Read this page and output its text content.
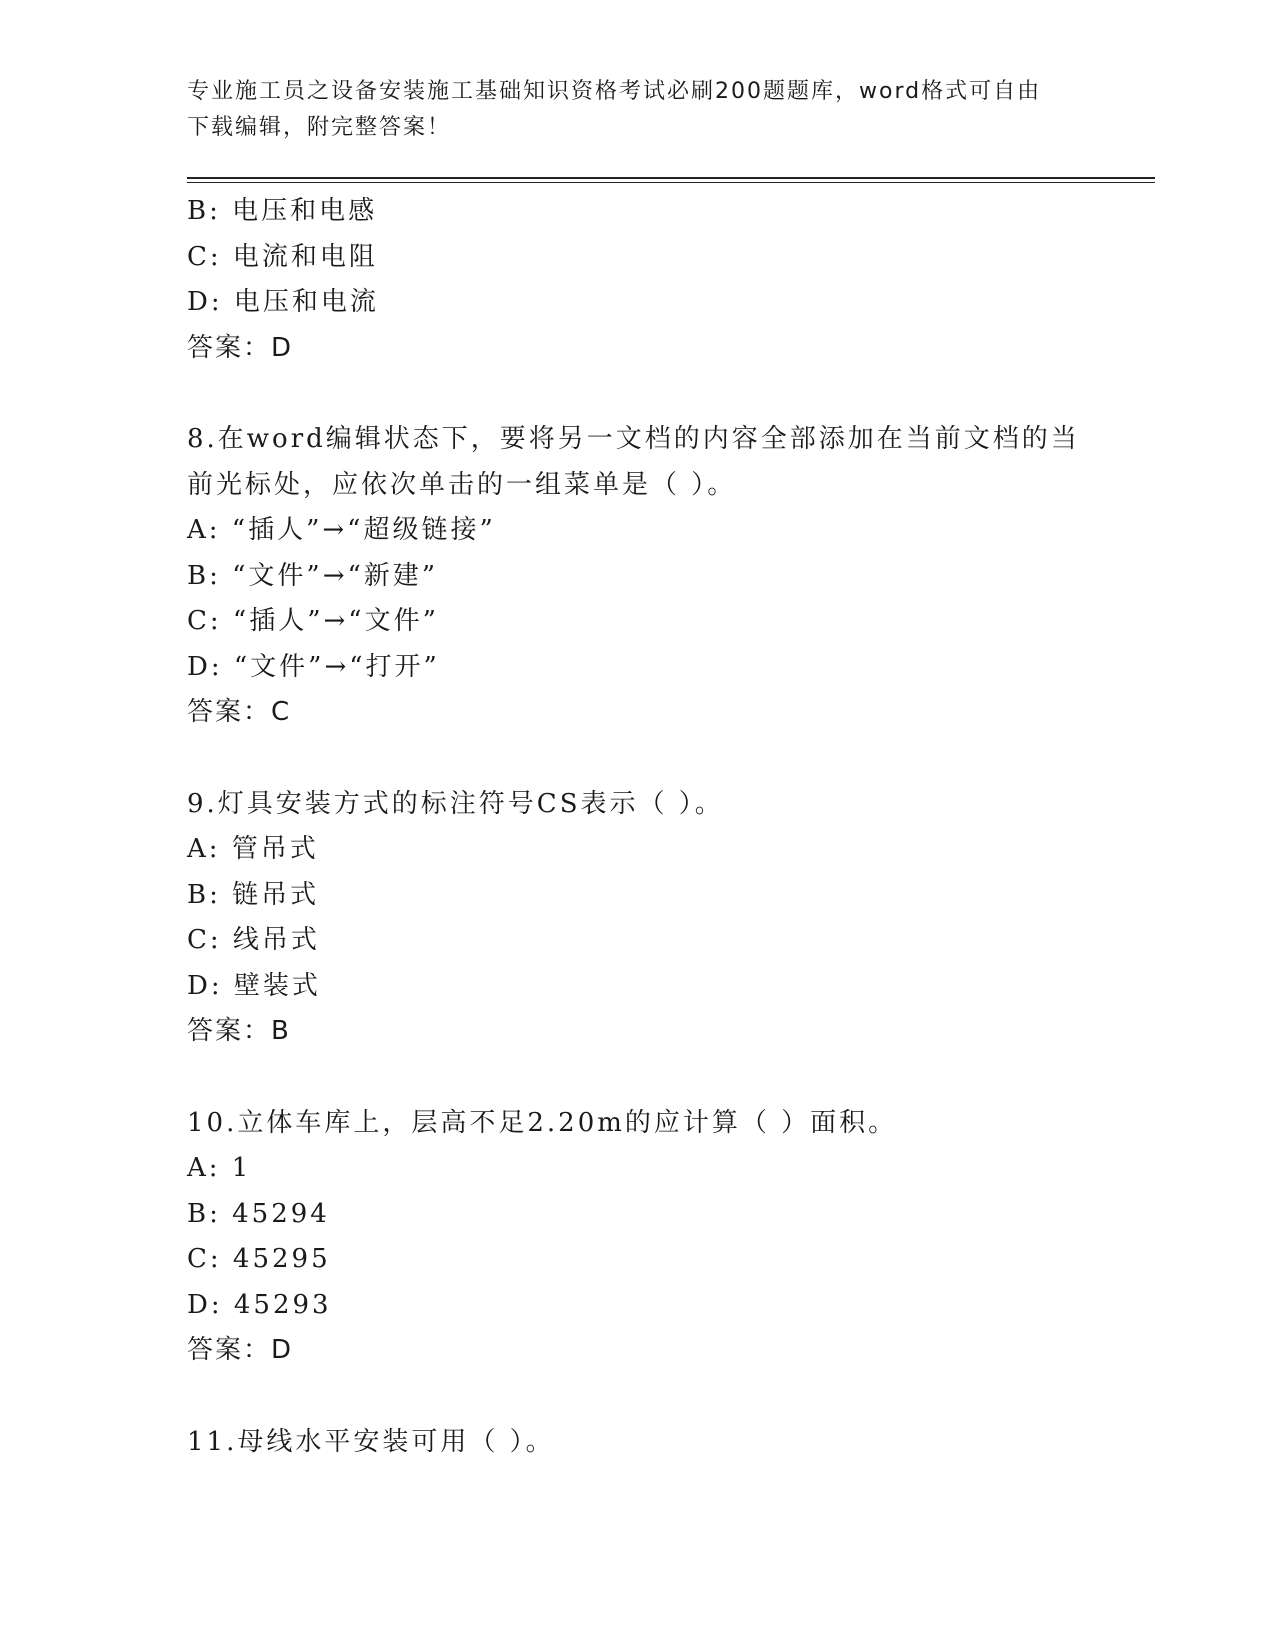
专业施工员之设备安装施工基础知识资格考试必刷200题题库，word格式可自由
下载编辑，附完整答案！
B: 电压和电感
C: 电流和电阻
D: 电压和电流
答案：D
8.在word编辑状态下，要将另一文档的内容全部添加在当前文档的当
前光标处，应依次单击的一组菜单是（ ）。
A: “插人”→“超级链接”
B: “文件”→“新建”
C: “插人”→“文件”
D: “文件”→“打开”
答案：C
9.灯具安装方式的标注符号CS表示（ ）。
A: 管吊式
B: 链吊式
C: 线吊式
D: 壁装式
答案：B
10.立体车库上，层高不足2.20m的应计算（ ）面积。
A: 1
B: 45294
C: 45295
D: 45293
答案：D
11.母线水平安装可用（ ）。
